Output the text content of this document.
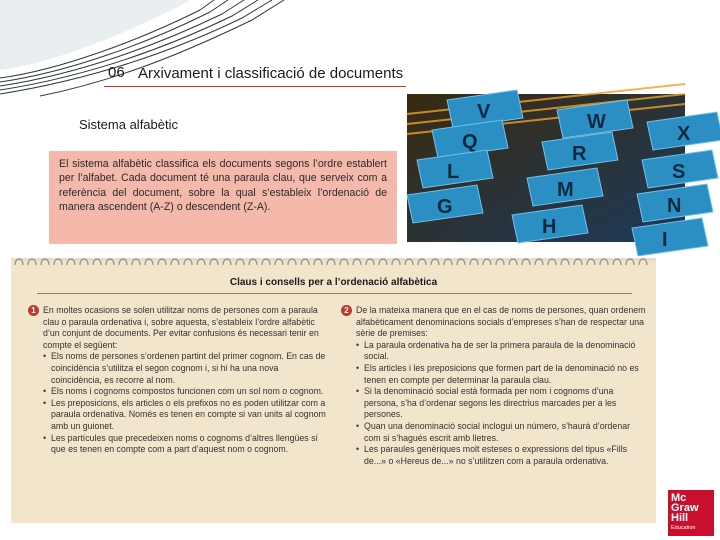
06 Arxivament i classificació de documents
Sistema alfabètic
El sistema alfabètic classifica els documents segons l’ordre establert per l’alfabet. Cada document té una paraula clau, que serveix com a referència del document, sobre la qual s’estableix l’ordenació de manera ascendent (A-Z) o descendent (Z-A).
V	W
X
Q
R
S
L
M
N
G
H
I
Claus i consells per a l’ordenació alfabètica
1 En moltes ocasions se solen utilitzar noms de persones com a paraula clau o paraula ordenativa i, sobre aquesta, s’estableix l’ordre alfabètic d’un conjunt de documents. Per evitar confusions és necessari tenir en compte el següent:
• Els noms de persones s’ordenen partint del primer cognom. En cas de coincidència s’utilitza el segon cognom i, si hi ha una nova coincidència, es recorre al nom.
• Els noms i cognoms compostos funcionen com un sol nom o cognom.
• Les preposicions, els articles o els prefixos no es poden utilitzar com a paraula ordenativa. Només es tenen en compte si van units al cognom amb un guionet.
• Les partícules que precedeixen noms o cognoms d’altres llengües sí que es tenen en compte com a part d’aquest nom o cognom.
2 De la mateixa manera que en el cas de noms de persones, quan ordenem alfabèticament denominacions socials d’empreses s’han de respectar una sèrie de premises:
• La paraula ordenativa ha de ser la primera paraula de la denominació social.
• Els articles i les preposicions que formen part de la denominació no es tenen en compte per determinar la paraula clau.
• Si la denominació social està formada per nom i cognoms d’una persona, s’ha d’ordenar segons les directrius marcades per a les persones.
• Quan una denominació social inclogui un número, s’haurà d’ordenar com si s’hagués escrit amb lletres.
• Les paraules genèriques molt esteses o expressions del tipus «Fills de...» o «Hereus de...» no s’utilitzen com a paraula ordenativa.
Mc
Graw
Hill
Education
